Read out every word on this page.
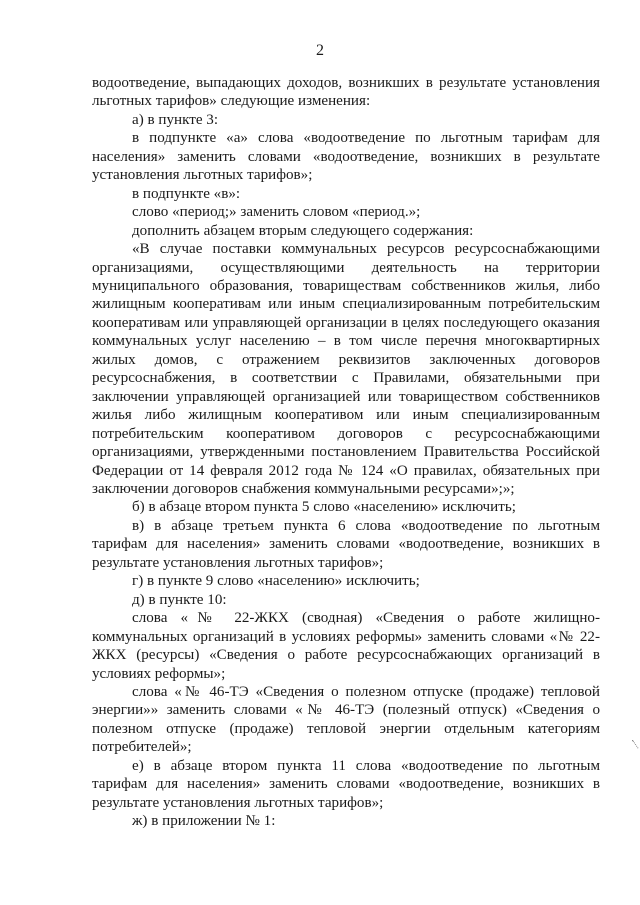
2

водоотведение, выпадающих доходов, возникших в результате установления льготных тарифов» следующие изменения:

а) в пункте 3:

в подпункте «а» слова «водоотведение по льготным тарифам для населения» заменить словами «водоотведение, возникших в результате установления льготных тарифов»;

в подпункте «в»:

слово «период;» заменить словом «период.»;

дополнить абзацем вторым следующего содержания:

«В случае поставки коммунальных ресурсов ресурсоснабжающими организациями, осуществляющими деятельность на территории муниципального образования, товариществам собственников жилья, либо жилищным кооперативам или иным специализированным потребительским кооперативам или управляющей организации в целях последующего оказания коммунальных услуг населению – в том числе перечня многоквартирных жилых домов, с отражением реквизитов заключенных договоров ресурсоснабжения, в соответствии с Правилами, обязательными при заключении управляющей организацией или товариществом собственников жилья либо жилищным кооперативом или иным специализированным потребительским кооперативом договоров с ресурсоснабжающими организациями, утвержденными постановлением Правительства Российской Федерации от 14 февраля 2012 года № 124 «О правилах, обязательных при заключении договоров снабжения коммунальными ресурсами»;»;

б) в абзаце втором пункта 5 слово «населению» исключить;

в) в абзаце третьем пункта 6 слова «водоотведение по льготным тарифам для населения» заменить словами «водоотведение, возникших в результате установления льготных тарифов»;

г) в пункте 9 слово «населению» исключить;

д) в пункте 10:

слова «№ 22-ЖКХ (сводная) «Сведения о работе жилищно-коммунальных организаций в условиях реформы» заменить словами «№ 22-ЖКХ (ресурсы) «Сведения о работе ресурсоснабжающих организаций в условиях реформы»;

слова «№ 46-ТЭ «Сведения о полезном отпуске (продаже) тепловой энергии»» заменить словами «№ 46-ТЭ (полезный отпуск) «Сведения о полезном отпуске (продаже) тепловой энергии отдельным категориям потребителей»;

е) в абзаце втором пункта 11 слова «водоотведение по льготным тарифам для населения» заменить словами «водоотведение, возникших в результате установления льготных тарифов»;

ж) в приложении № 1:
